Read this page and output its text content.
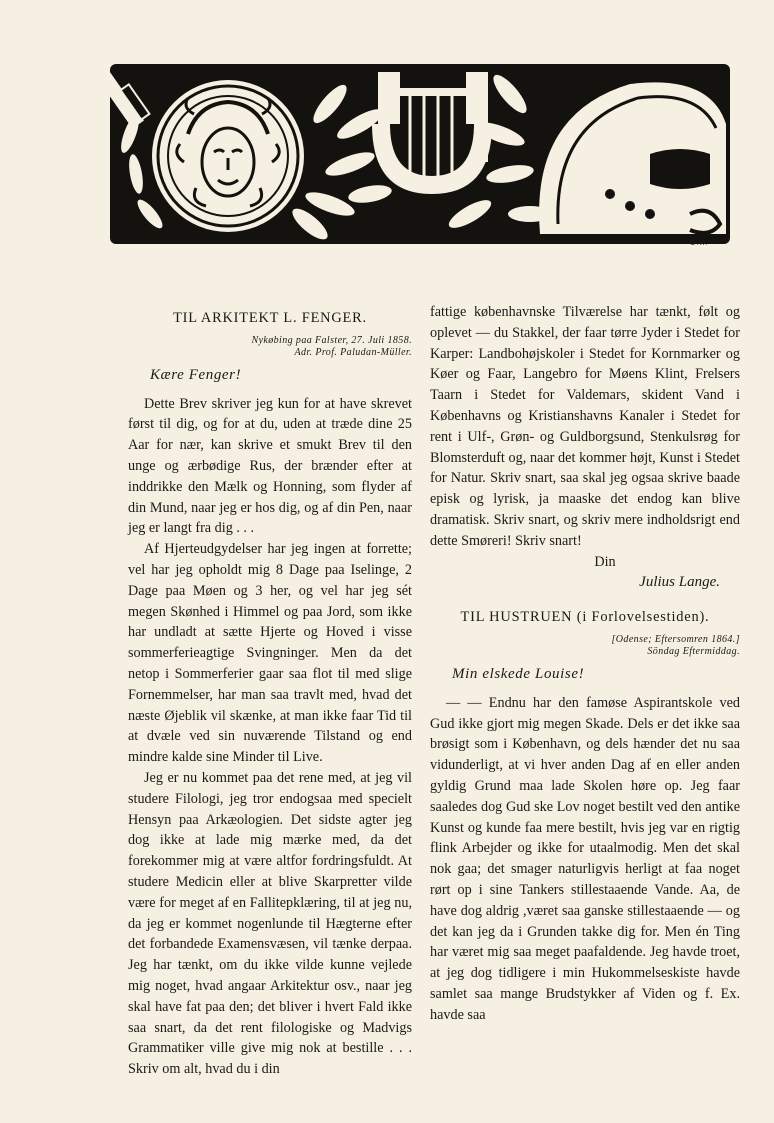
G.H.
TIL ARKITEKT L. FENGER.
Nykøbing paa Falster, 27. Juli 1858.
Adr. Prof. Paludan-Müller.
Kære Fenger!

Dette Brev skriver jeg kun for at have skrevet først til dig, og for at du, uden at træde dine 25 Aar for nær, kan skrive et smukt Brev til den unge og ærbødige Rus, der brænder efter at inddrikke den Mælk og Honning, som flyder af din Mund, naar jeg er hos dig, og af din Pen, naar jeg er langt fra dig . . .

Af Hjerteudgydelser har jeg ingen at forrette; vel har jeg opholdt mig 8 Dage paa Iselinge, 2 Dage paa Møen og 3 her, og vel har jeg sét megen Skønhed i Himmel og paa Jord, som ikke har undladt at sætte Hjerte og Hoved i visse sommerferieagtige Svingninger. Men da det netop i Sommerferier gaar saa flot til med slige Fornemmelser, har man saa travlt med, hvad det næste Øjeblik vil skænke, at man ikke faar Tid til at dvæle ved sin nuværende Tilstand og end mindre kalde sine Minder til Live.

Jeg er nu kommet paa det rene med, at jeg vil studere Filologi, jeg tror endogsaa med specielt Hensyn paa Arkæologien. Det sidste agter jeg dog ikke at lade mig mærke med, da det forekommer mig at være altfor fordringsfuldt. At studere Medicin eller at blive Skarpretter vilde være for meget af en Fallitерklæring, til at jeg nu, da jeg er kommet nogenlunde til Hægterne efter det forbandede Examensvæsen, vil tænke derpaa. Jeg har tænkt, om du ikke vilde kunne vejlede mig noget, hvad angaar Arkitektur osv., naar jeg skal have fat paa den; det bliver i hvert Fald ikke saa snart, da det rent filologiske og Madvigs Grammatiker ville give mig nok at bestille . . . Skriv om alt, hvad du i din

fattige københavnske Tilværelse har tænkt, følt og oplevet — du Stakkel, der faar tørre Jyder i Stedet for Karper: Landbohøjskoler i Stedet for Kornmarker og Køer og Faar, Langebro for Møens Klint, Frelsers Taarn i Stedet for Valdemars, skident Vand i Københavns og Kristianshavns Kanaler i Stedet for rent i Ulf-, Grøn- og Guldborgsund, Stenkulsrøg for Blomsterduft og, naar det kommer højt, Kunst i Stedet for Natur. Skriv snart, saa skal jeg ogsaa skrive baade episk og lyrisk, ja maaske det endog kan blive dramatisk. Skriv snart, og skriv mere indholdsrigt end dette Smøreri! Skriv snart!

Din
Julius Lange.
TIL HUSTRUEN (i Forlovelsestiden).
[Odense; Eftersomren 1864.]
Söndag Eftermiddag.
Min elskede Louise!

— — Endnu har den famøse Aspirantskole ved Gud ikke gjort mig megen Skade. Dels er det ikke saa brøsigt som i København, og dels hænder det nu saa vidunderligt, at vi hver anden Dag af en eller anden gyldig Grund maa lade Skolen høre op. Jeg faar saaledes dog Gud ske Lov noget bestilt ved den antike Kunst og kunde faa mere bestilt, hvis jeg var en rigtig flink Arbejder og ikke for utaalmodig. Men det skal nok gaa; det smager naturligvis herligt at faa noget rørt op i sine Tankers stillestaaende Vande. Aa, de have dog aldrig ,været saa ganske stillestaaende — og det kan jeg da i Grunden takke dig for. Men én Ting har været mig saa meget paafaldende. Jeg havde troet, at jeg dog tidligere i min Hukommelseskiste havde samlet saa mange Brudstykker af Viden og f. Ex. havde saa
